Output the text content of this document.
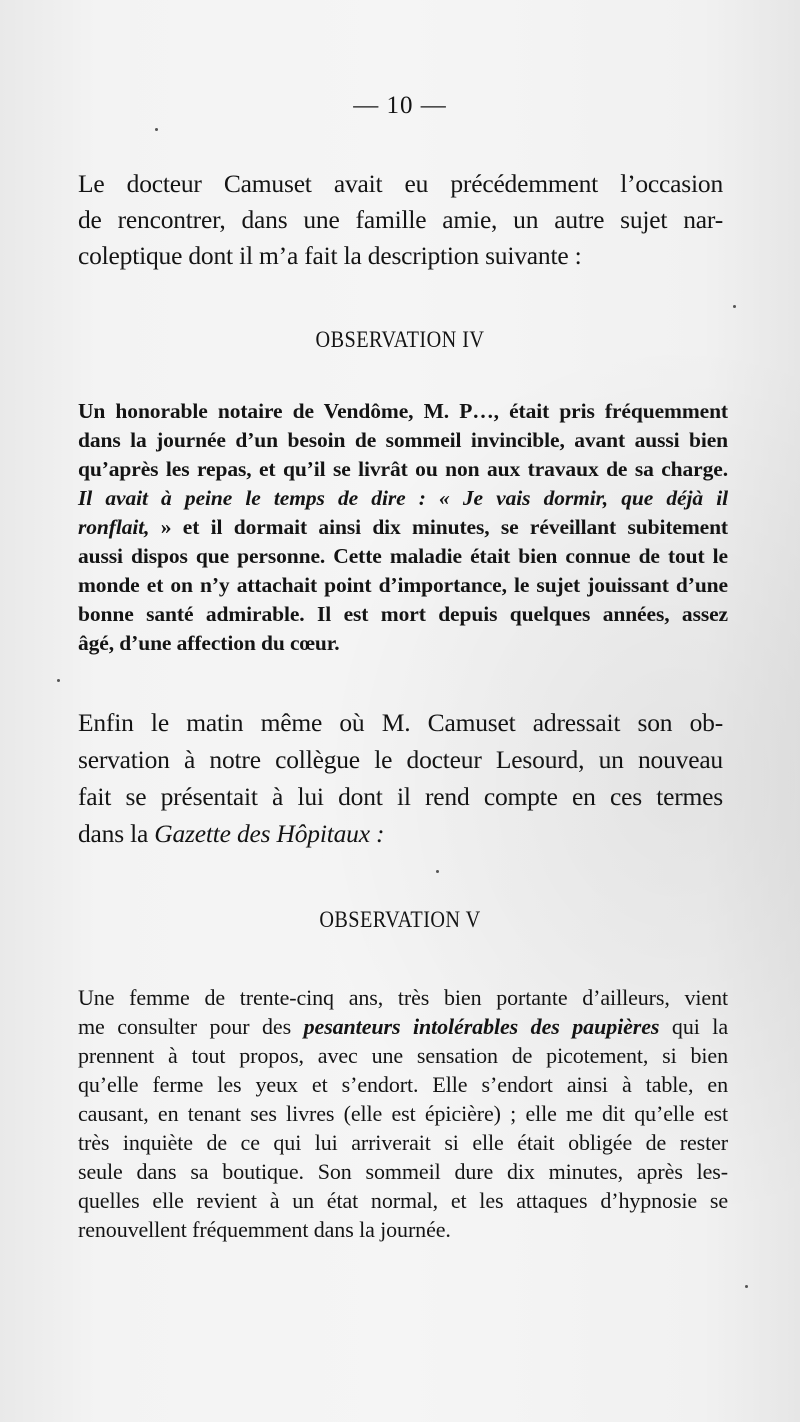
— 10 —
Le docteur Camuset avait eu précédemment l’occasion
de rencontrer, dans une famille amie, un autre sujet nar-
coleptique dont il m’a fait la description suivante :
OBSERVATION IV
Un honorable notaire de Vendôme, M. P…, était pris fréquemment
dans la journée d’un besoin de sommeil invincible, avant aussi bien
qu’après les repas, et qu’il se livrât ou non aux travaux de sa charge.
Il avait à peine le temps de dire : « Je vais dormir, que déjà il
ronflait, » et il dormait ainsi dix minutes, se réveillant subitement
aussi dispos que personne. Cette maladie était bien connue de tout le
monde et on n’y attachait point d’importance, le sujet jouissant d’une
bonne santé admirable. Il est mort depuis quelques années, assez
âgé, d’une affection du cœur.
Enfin le matin même où M. Camuset adressait son ob-
servation à notre collègue le docteur Lesourd, un nouveau
fait se présentait à lui dont il rend compte en ces termes
dans la Gazette des Hôpitaux :
OBSERVATION V
Une femme de trente-cinq ans, très bien portante d’ailleurs, vient
me consulter pour des pesanteurs intolérables des paupières qui la
prennent à tout propos, avec une sensation de picotement, si bien
qu’elle ferme les yeux et s’endort. Elle s’endort ainsi à table, en
causant, en tenant ses livres (elle est épicière) ; elle me dit qu’elle est
très inquiète de ce qui lui arriverait si elle était obligée de rester
seule dans sa boutique. Son sommeil dure dix minutes, après les-
quelles elle revient à un état normal, et les attaques d’hypnosie se
renouvellent fréquemment dans la journée.
